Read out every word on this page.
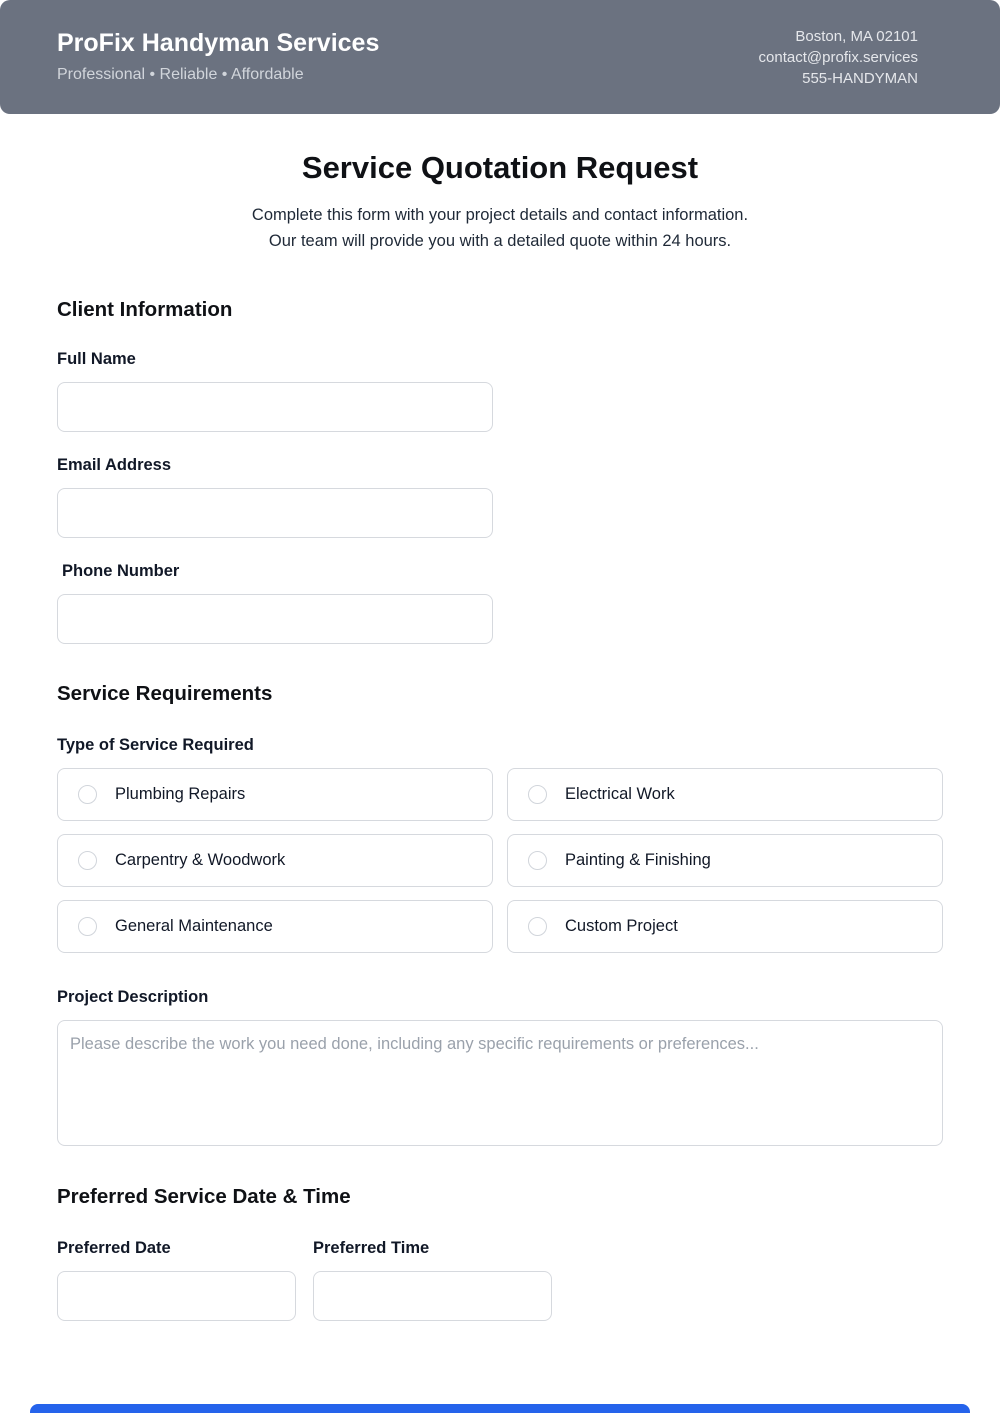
ProFix Handyman Services
Professional • Reliable • Affordable
Boston, MA 02101
contact@profix.services
555-HANDYMAN
Service Quotation Request
Complete this form with your project details and contact information.
Our team will provide you with a detailed quote within 24 hours.
Client Information
Full Name
Email Address
Phone Number
Service Requirements
Type of Service Required
Plumbing Repairs	Electrical Work
Carpentry & Woodwork	Painting & Finishing
General Maintenance	Custom Project
Project Description
Please describe the work you need done, including any specific requirements or preferences...
Preferred Service Date & Time
Preferred Date	Preferred Time
